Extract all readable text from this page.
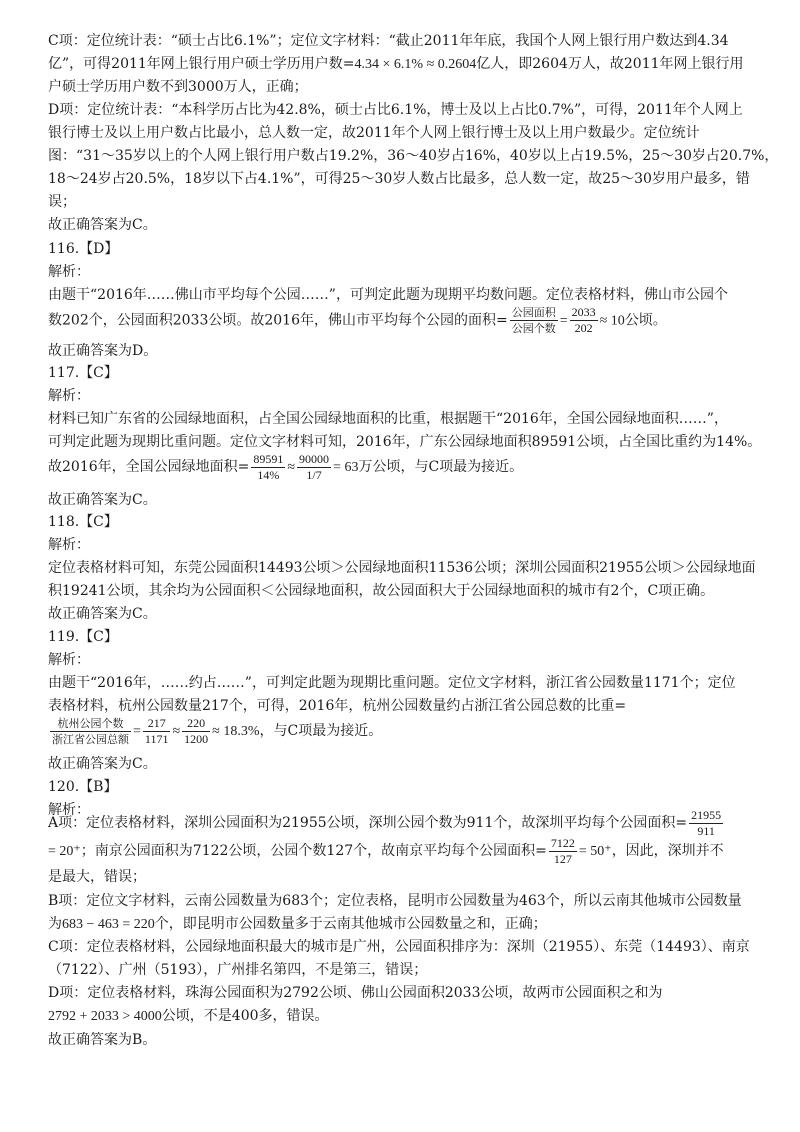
C项：定位统计表：“硕士占比6.1%”；定位文字材料：“截止2011年年底，我国个人网上银行用户数达到4.34
亿”，可得2011年网上银行用户硕士学历用户数=4.34 × 6.1% ≈ 0.2604亿人，即2604万人，故2011年网上银行用
户硕士学历用户数不到3000万人，正确；
D项：定位统计表：“本科学历占比为42.8%，硕士占比6.1%，博士及以上占比0.7%”，可得，2011年个人网上
银行博士及以上用户数占比最小，总人数一定，故2011年个人网上银行博士及以上用户数最少。定位统计
图：“31～35岁以上的个人网上银行用户数占19.2%，36～40岁占16%，40岁以上占19.5%，25～30岁占20.7%，
18～24岁占20.5%，18岁以下占4.1%”，可得25～30岁人数占比最多，总人数一定，故25～30岁用户最多，错
误；
故正确答案为C。
116.【D】
解析：
由题干“2016年……佛山市平均每个公园……”，可判定此题为现期平均数问题。定位表格材料，佛山市公园个
数202个，公园面积2033公顷。故2016年，佛山市平均每个公园的面积= $\frac{\text{公园面积}}{\text{公园个数}} = \frac{2033}{202} \approx 10$公顷。
故正确答案为D。
117.【C】
解析：
材料已知广东省的公园绿地面积，占全国公园绿地面积的比重，根据题干“2016年，全国公园绿地面积……”，
可判定此题为现期比重问题。定位文字材料可知，2016年，广东公园绿地面积89591公顷，占全国比重约为14%。
故2016年，全国公园绿地面积= $\frac{89591}{14\%} \approx \frac{90000}{1/7} = 63$万公顷，与C项最为接近。
故正确答案为C。
118.【C】
解析：
定位表格材料可知，东莞公园面积14493公顷＞公园绿地面积11536公顷；深圳公园面积21955公顷＞公园绿地面
积19241公顷，其余均为公园面积＜公园绿地面积，故公园面积大于公园绿地面积的城市有2个，C项正确。
故正确答案为C。
119.【C】
解析：
由题干“2016年，……约占……”，可判定此题为现期比重问题。定位文字材料，浙江省公园数量1171个；定位
表格材料，杭州公园数量217个，可得，2016年，杭州公园数量约占浙江省公园总数的比重=
$\frac{\text{杭州公园个数}}{\text{浙江省公园总额}} = \frac{217}{1171} \approx \frac{220}{1200} \approx 18.3\%$，与C项最为接近。
故正确答案为C。
120.【B】
解析：
A项：定位表格材料，深圳公园面积为21955公顷，深圳公园个数为911个，故深圳平均每个公园面积= $\frac{21955}{911}$
= 20⁺；南京公园面积为7122公顷，公园个数127个，故南京平均每个公园面积= $\frac{7122}{127} = 50^+$，因此，深圳并不
是最大，错误；
B项：定位文字材料，云南公园数量为683个；定位表格，昆明市公园数量为463个，所以云南其他城市公园数量
为683 − 463 = 220个，即昆明市公园数量多于云南其他城市公园数量之和，正确；
C项：定位表格材料，公园绿地面积最大的城市是广州，公园面积排序为：深圳（21955）、东莞（14493）、南京
（7122）、广州（5193），广州排名第四，不是第三，错误；
D项：定位表格材料，珠海公园面积为2792公顷、佛山公园面积2033公顷，故两市公园面积之和为
2792 + 2033 > 4000公顷，不是400多，错误。
故正确答案为B。
